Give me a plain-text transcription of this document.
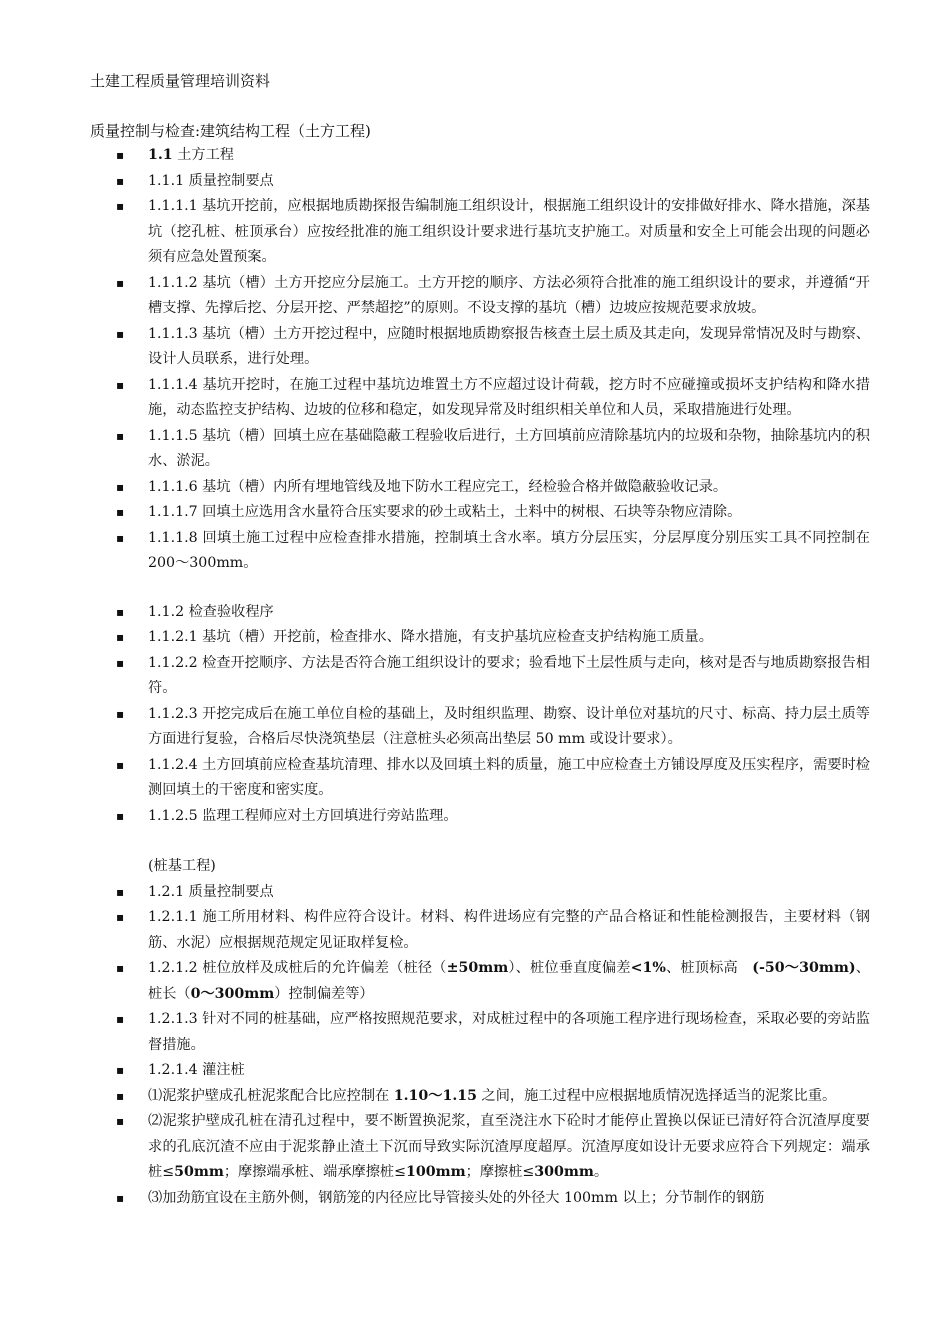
土建工程质量管理培训资料
质量控制与检查:建筑结构工程（土方工程)
▪ 1.1 土方工程
▪ 1.1.1 质量控制要点
▪ 1.1.1.1 基坑开挖前，应根据地质勘探报告编制施工组织设计，根据施工组织设计的安排做好排水、降水措施，深基坑（挖孔桩、桩顶承台）应按经批准的施工组织设计要求进行基坑支护施工。对质量和安全上可能会出现的问题必须有应急处置预案。
▪ 1.1.1.2 基坑（槽）土方开挖应分层施工。土方开挖的顺序、方法必须符合批准的施工组织设计的要求，并遵循“开槽支撑、先撑后挖、分层开挖、严禁超挖”的原则。不设支撑的基坑（槽）边坡应按规范要求放坡。
▪ 1.1.1.3 基坑（槽）土方开挖过程中，应随时根据地质勘察报告核查土层土质及其走向，发现异常情况及时与勘察、设计人员联系，进行处理。
▪ 1.1.1.4 基坑开挖时，在施工过程中基坑边堆置土方不应超过设计荷载，挖方时不应碰撞或损坏支护结构和降水措施，动态监控支护结构、边坡的位移和稳定，如发现异常及时组织相关单位和人员，采取措施进行处理。
▪ 1.1.1.5 基坑（槽）回填土应在基础隐蔽工程验收后进行，土方回填前应清除基坑内的垃圾和杂物，抽除基坑内的积水、淤泥。
▪ 1.1.1.6 基坑（槽）内所有埋地管线及地下防水工程应完工，经检验合格并做隐蔽验收记录。
▪ 1.1.1.7 回填土应选用含水量符合压实要求的砂土或粘土，土料中的树根、石块等杂物应清除。
▪ 1.1.1.8 回填土施工过程中应检查排水措施，控制填土含水率。填方分层压实，分层厚度分别压实工具不同控制在 200～300mm。
▪ 1.1.2 检查验收程序
▪ 1.1.2.1 基坑（槽）开挖前，检查排水、降水措施，有支护基坑应检查支护结构施工质量。
▪ 1.1.2.2 检查开挖顺序、方法是否符合施工组织设计的要求；验看地下土层性质与走向，核对是否与地质勘察报告相符。
▪ 1.1.2.3 开挖完成后在施工单位自检的基础上，及时组织监理、勘察、设计单位对基坑的尺寸、标高、持力层土质等方面进行复验，合格后尽快浇筑垫层（注意桩头必须高出垫层 50 mm 或设计要求）。
▪ 1.1.2.4 土方回填前应检查基坑清理、排水以及回填土料的质量，施工中应检查土方铺设厚度及压实程序，需要时检测回填土的干密度和密实度。
▪ 1.1.2.5 监理工程师应对土方回填进行旁站监理。
(桩基工程)
▪ 1.2.1 质量控制要点
▪ 1.2.1.1 施工所用材料、构件应符合设计。材料、构件进场应有完整的产品合格证和性能检测报告，主要材料（钢筋、水泥）应根据规范规定见证取样复检。
▪ 1.2.1.2 桩位放样及成桩后的允许偏差（桩径（±50mm）、桩位垂直度偏差<1%、桩顶标高　(-50～30mm)、桩长（0～300mm）控制偏差等）
▪ 1.2.1.3 针对不同的桩基础，应严格按照规范要求，对成桩过程中的各项施工程序进行现场检查，采取必要的旁站监督措施。
▪ 1.2.1.4 灌注桩
▪ ⑴泥浆护壁成孔桩泥浆配合比应控制在 1.10～1.15 之间，施工过程中应根据地质情况选择适当的泥浆比重。
▪ ⑵泥浆护壁成孔桩在清孔过程中，要不断置换泥浆，直至浇注水下砼时才能停止置换以保证已清好符合沉渣厚度要求的孔底沉渣不应由于泥浆静止渣土下沉而导致实际沉渣厚度超厚。沉渣厚度如设计无要求应符合下列规定：端承桩≤50mm；摩擦端承桩、端承摩擦桩≤100mm；摩擦桩≤300mm。
▪ ⑶加劲筋宜设在主筋外侧，钢筋笼的内径应比导管接头处的外径大 100mm 以上；分节制作的钢筋
